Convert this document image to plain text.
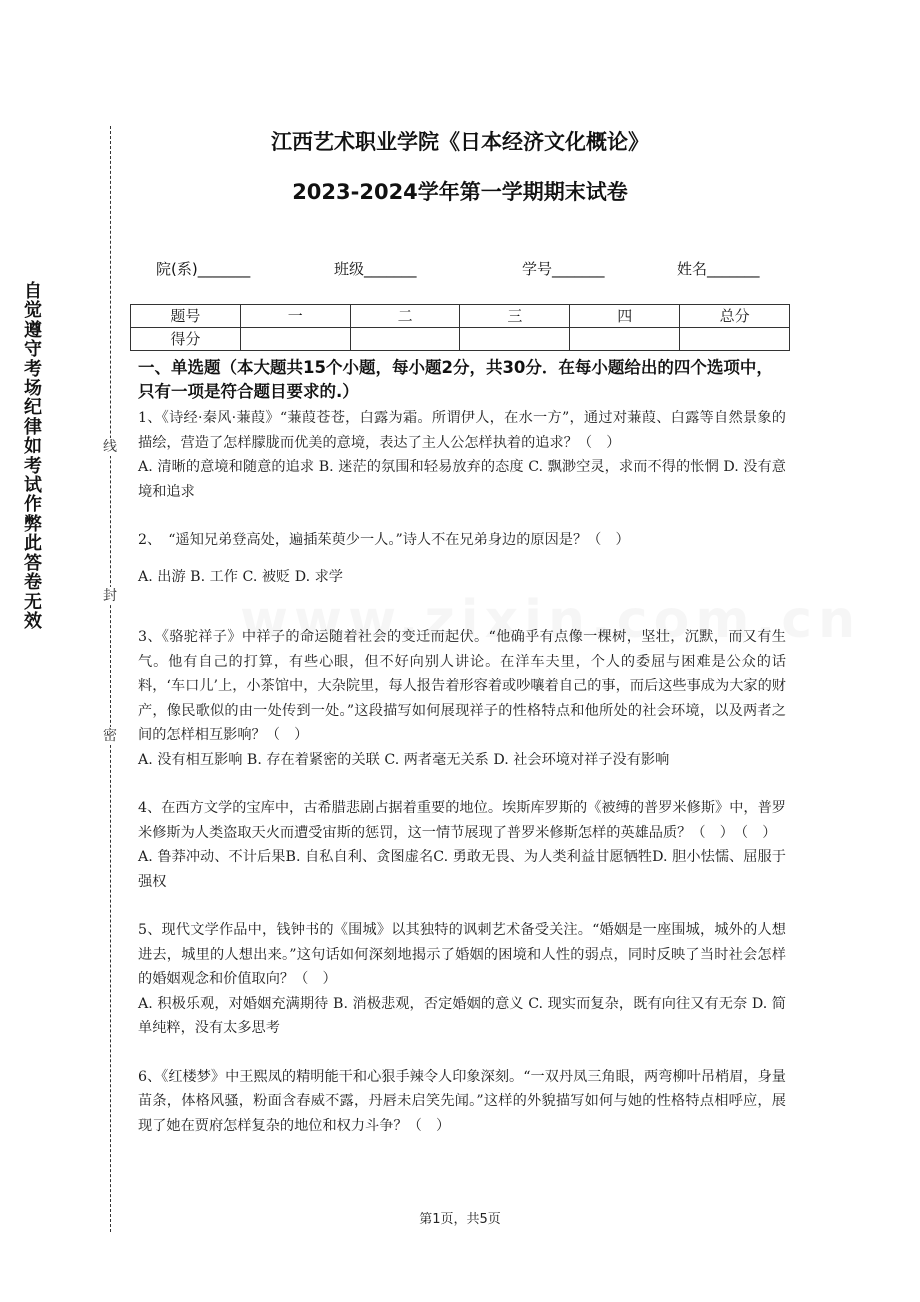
自觉遵守考场纪律如考试作弊此答卷无效
线
封
密
江西艺术职业学院《日本经济文化概论》
2023-2024学年第一学期期末试卷
院(系)_______	班级_______	学号_______	姓名_______
题号	一	二	三	四	总分
得分					

一、单选题（本大题共15个小题，每小题2分，共30分．在每小题给出的四个选项中，只有一项是符合题目要求的.）

1、《诗经·秦风·蒹葭》“蒹葭苍苍，白露为霜。所谓伊人，在水一方”，通过对蒹葭、白露等自然景象的描绘，营造了怎样朦胧而优美的意境，表达了主人公怎样执着的追求？（　）

A. 清晰的意境和随意的追求 B. 迷茫的氛围和轻易放弃的态度 C. 飘渺空灵，求而不得的怅惘 D. 没有意境和追求

2、　“遥知兄弟登高处，遍插茱萸少一人。”诗人不在兄弟身边的原因是？（　）

A. 出游 B. 工作 C. 被贬 D. 求学

3、《骆驼祥子》中祥子的命运随着社会的变迁而起伏。“他确乎有点像一棵树，坚壮，沉默，而又有生气。他有自己的打算，有些心眼，但不好向别人讲论。在洋车夫里，个人的委屈与困难是公众的话料，‘车口儿’上，小茶馆中，大杂院里，每人报告着形容着或吵嚷着自己的事，而后这些事成为大家的财产，像民歌似的由一处传到一处。”这段描写如何展现祥子的性格特点和他所处的社会环境，以及两者之间的怎样相互影响？（　）

A. 没有相互影响 B. 存在着紧密的关联 C. 两者毫无关系 D. 社会环境对祥子没有影响

4、在西方文学的宝库中，古希腊悲剧占据着重要的地位。埃斯库罗斯的《被缚的普罗米修斯》中，普罗米修斯为人类盗取天火而遭受宙斯的惩罚，这一情节展现了普罗米修斯怎样的英雄品质？（　）　（　）

A. 鲁莽冲动、不计后果B. 自私自利、贪图虚名C. 勇敢无畏、为人类利益甘愿牺牲D. 胆小怯懦、屈服于强权

5、现代文学作品中，钱钟书的《围城》以其独特的讽刺艺术备受关注。“婚姻是一座围城，城外的人想进去，城里的人想出来。”这句话如何深刻地揭示了婚姻的困境和人性的弱点，同时反映了当时社会怎样的婚姻观念和价值取向？（　）

A. 积极乐观，对婚姻充满期待 B. 消极悲观，否定婚姻的意义 C. 现实而复杂，既有向往又有无奈 D. 简单纯粹，没有太多思考

6、《红楼梦》中王熙凤的精明能干和心狠手辣令人印象深刻。“一双丹凤三角眼，两弯柳叶吊梢眉，身量苗条，体格风骚，粉面含春威不露，丹唇未启笑先闻。”这样的外貌描写如何与她的性格特点相呼应，展现了她在贾府怎样复杂的地位和权力斗争？（　）

第1页，共5页
